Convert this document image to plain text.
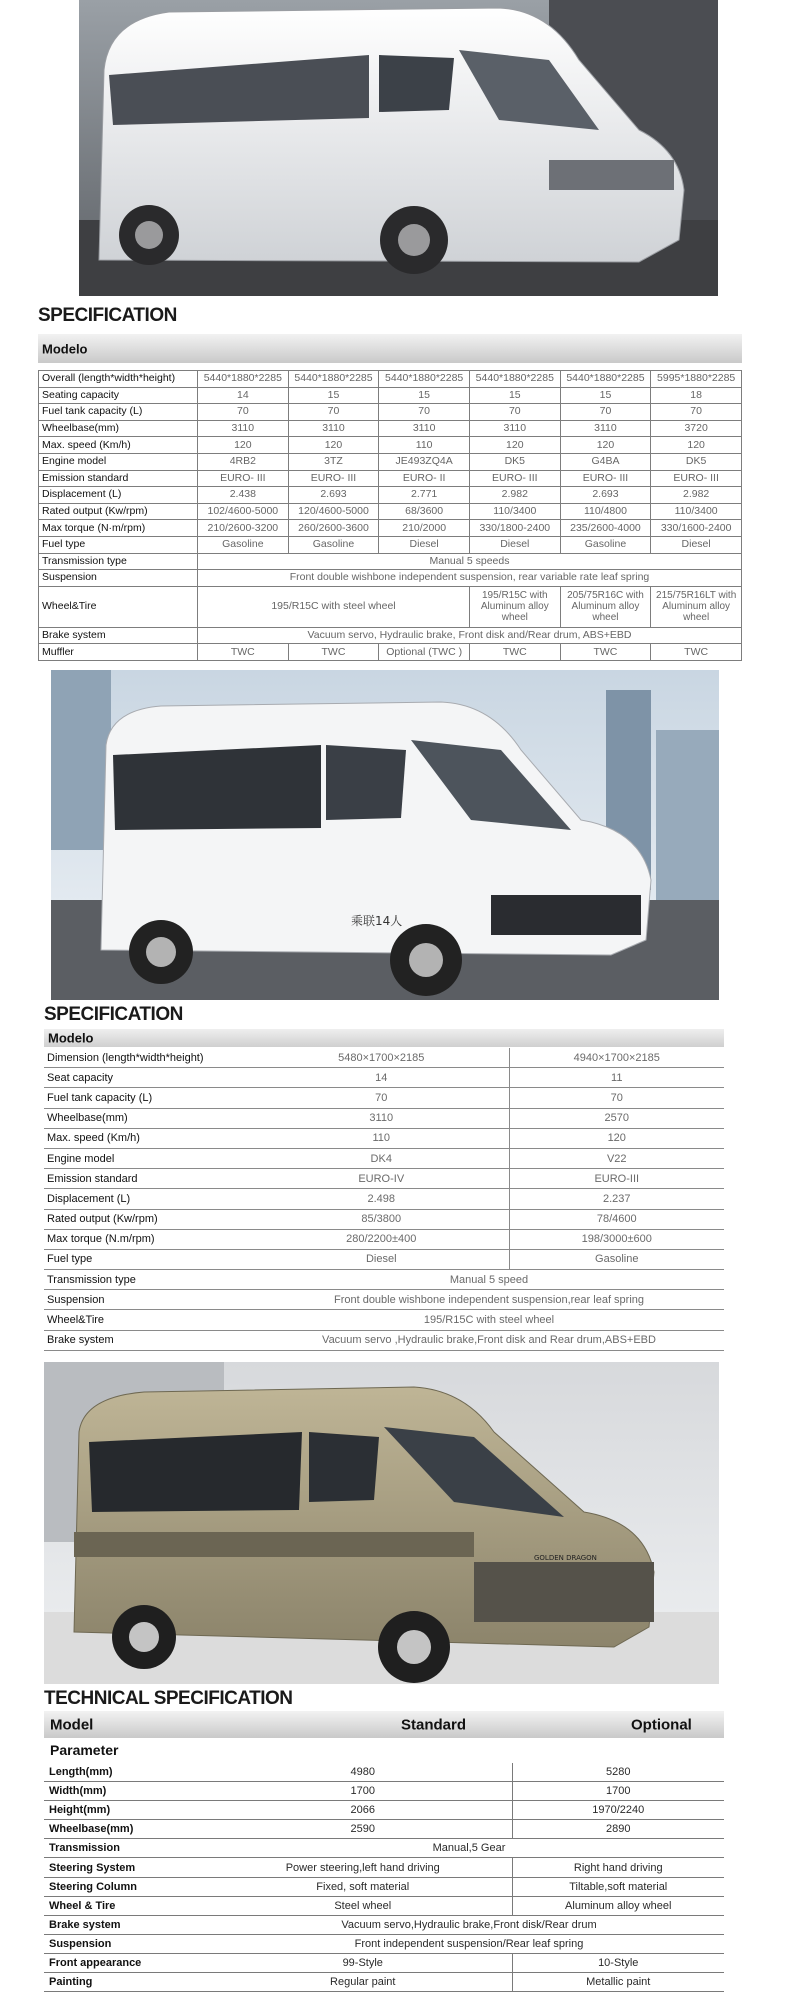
SPECIFICATION
Modelo
Overall (length*width*height)	5440*1880*2285	5440*1880*2285	5440*1880*2285	5440*1880*2285	5440*1880*2285	5995*1880*2285
Seating capacity	14	15	15	15	15	18
Fuel tank capacity (L)	70	70	70	70	70	70
Wheelbase(mm)	3110	3110	3110	3110	3110	3720
Max. speed (Km/h)	120	120	110	120	120	120
Engine model	4RB2	3TZ	JE493ZQ4A	DK5	G4BA	DK5
Emission standard	EURO- III	EURO- III	EURO- II	EURO- III	EURO- III	EURO- III
Displacement (L)	2.438	2.693	2.771	2.982	2.693	2.982
Rated output (Kw/rpm)	102/4600-5000	120/4600-5000	68/3600	110/3400	110/4800	110/3400
Max torque (N·m/rpm)	210/2600-3200	260/2600-3600	210/2000	330/1800-2400	235/2600-4000	330/1600-2400
Fuel type	Gasoline	Gasoline	Diesel	Diesel	Gasoline	Diesel
Transmission type	Manual 5 speeds					
Suspension	Front double wishbone independent suspension, rear variable rate leaf spring					
Wheel&Tire	195/R15C with steel wheel			195/R15C with Aluminum alloy wheel	205/75R16C with Aluminum alloy wheel	215/75R16LT with Aluminum alloy wheel
Brake system	Vacuum servo, Hydraulic brake, Front disk and/Rear drum, ABS+EBD					
Muffler	TWC	TWC	Optional (TWC )	TWC	TWC	TWC
乘联14人
SPECIFICATION
Modelo
Dimension (length*width*height)	5480×1700×2185	4940×1700×2185
Seat capacity	14	11
Fuel tank capacity (L)	70	70
Wheelbase(mm)	3110	2570
Max. speed (Km/h)	110	120
Engine model	DK4	V22
Emission standard	EURO-IV	EURO-III
Displacement (L)	2.498	2.237
Rated output (Kw/rpm)	85/3800	78/4600
Max torque (N.m/rpm)	280/2200±400	198/3000±600
Fuel type	Diesel	Gasoline
Transmission type	Manual 5 speed	
Suspension	Front double wishbone independent suspension,rear leaf spring	
Wheel&Tire	195/R15C with steel wheel	
Brake system	Vacuum servo ,Hydraulic brake,Front disk and Rear drum,ABS+EBD	
GOLDEN DRAGON
TECHNICAL SPECIFICATION
Model	Standard	Optional
Parameter
Length(mm)	4980	5280
Width(mm)	1700	1700
Height(mm)	2066	1970/2240
Wheelbase(mm)	2590	2890
Transmission	Manual,5 Gear	
Steering System	Power steering,left hand driving	Right hand driving
Steering Column	Fixed, soft material	Tiltable,soft material
Wheel & Tire	Steel wheel	Aluminum alloy wheel
Brake system	Vacuum servo,Hydraulic brake,Front disk/Rear drum	
Suspension	Front independent suspension/Rear leaf spring	
Front appearance	99-Style	10-Style
Painting	Regular paint	Metallic paint
